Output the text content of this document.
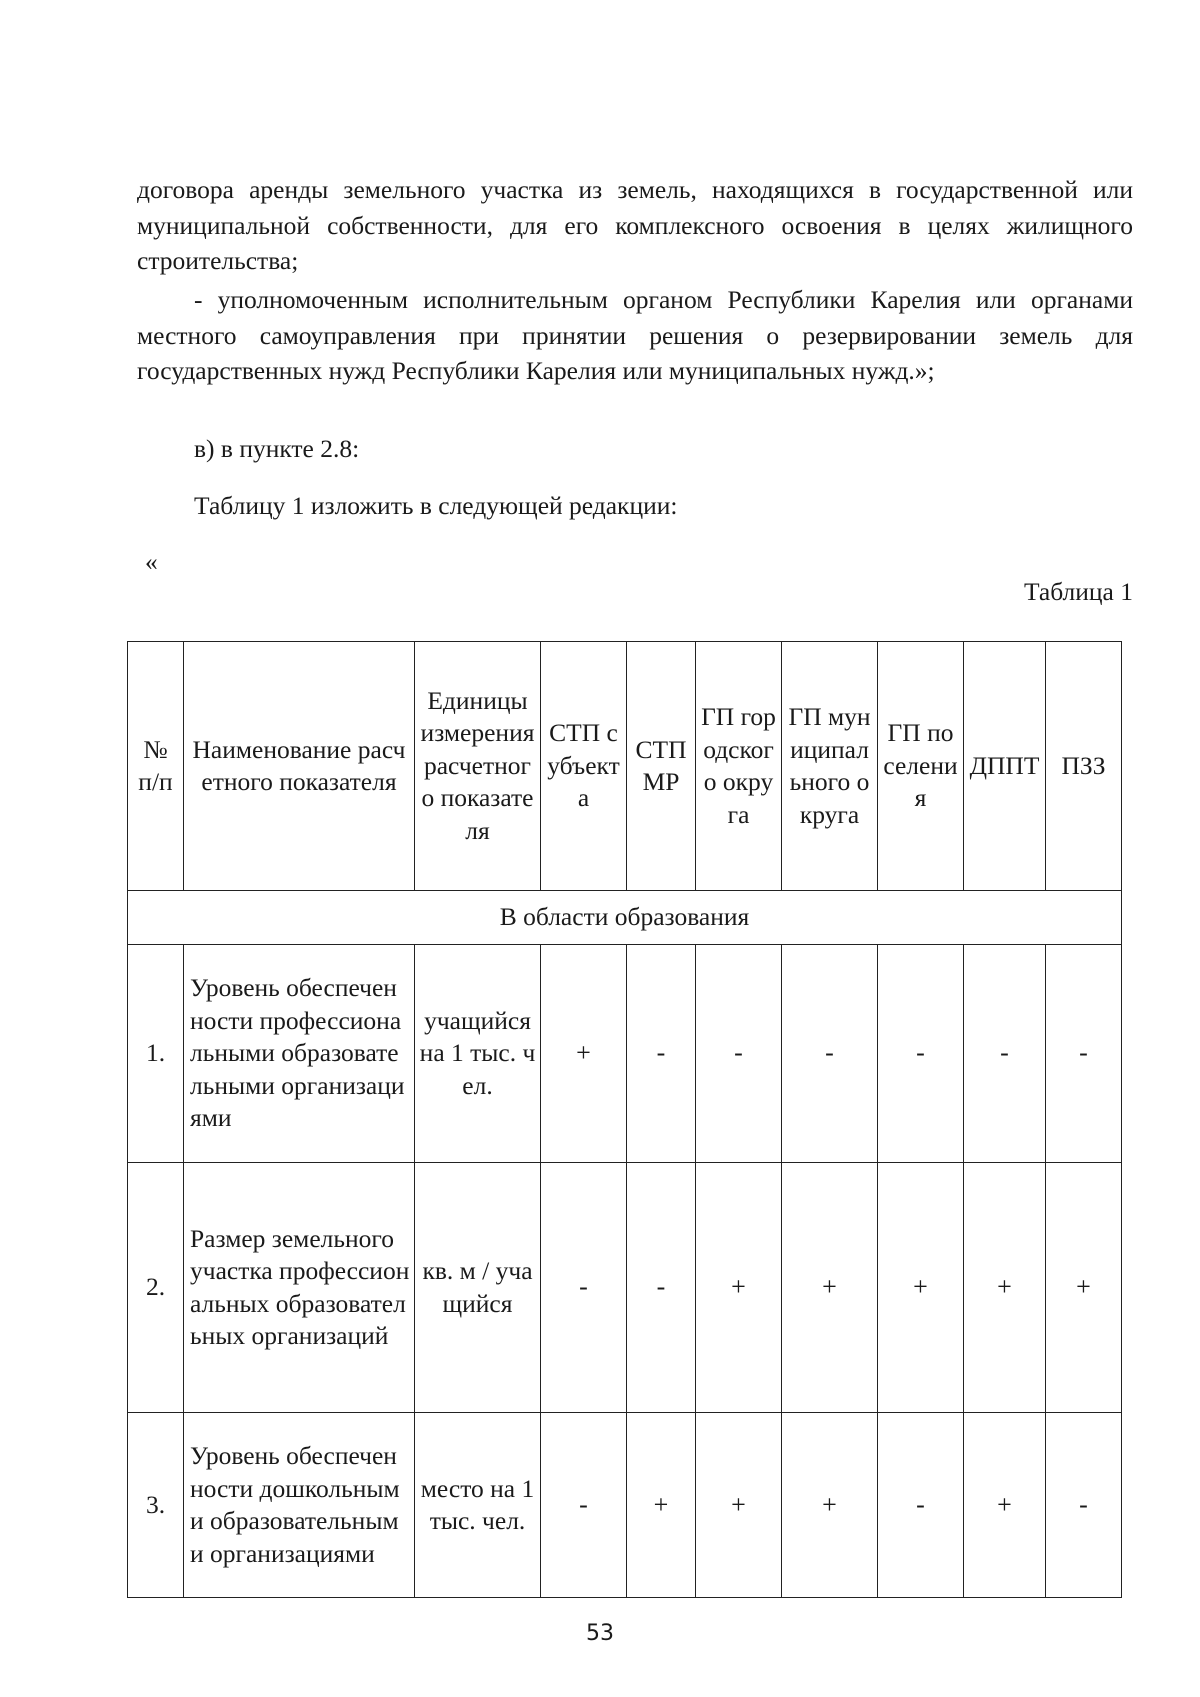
договора аренды земельного участка из земель, находящихся в государственной или муниципальной собственности, для его комплексного освоения в целях жилищного строительства;

- уполномоченным исполнительным органом Республики Карелия или органами местного самоуправления при принятии решения о резервировании земель для государственных нужд Республики Карелия или муниципальных нужд.»;

в) в пункте 2.8:

Таблицу 1 изложить в следующей редакции:

«

Таблица 1

№ п/п	Наименование расчетного показателя	Единицы измерения расчетного показателя	СТП субъекта	СТП МР	ГП городского округа	ГП муниципального округа	ГП поселения	ДППТ	ПЗЗ
В области образования									
1.	Уровень обеспеченности профессиональными образовательными организациями	учащийся на 1 тыс. чел.	+	-	-	-	-	-	-
2.	Размер земельного участка профессиональных образовательных организаций	кв. м / учащийся	-	-	+	+	+	+	+
3.	Уровень обеспеченности дошкольными образовательными организациями	место на 1 тыс. чел.	-	+	+	+	-	+	-
53
